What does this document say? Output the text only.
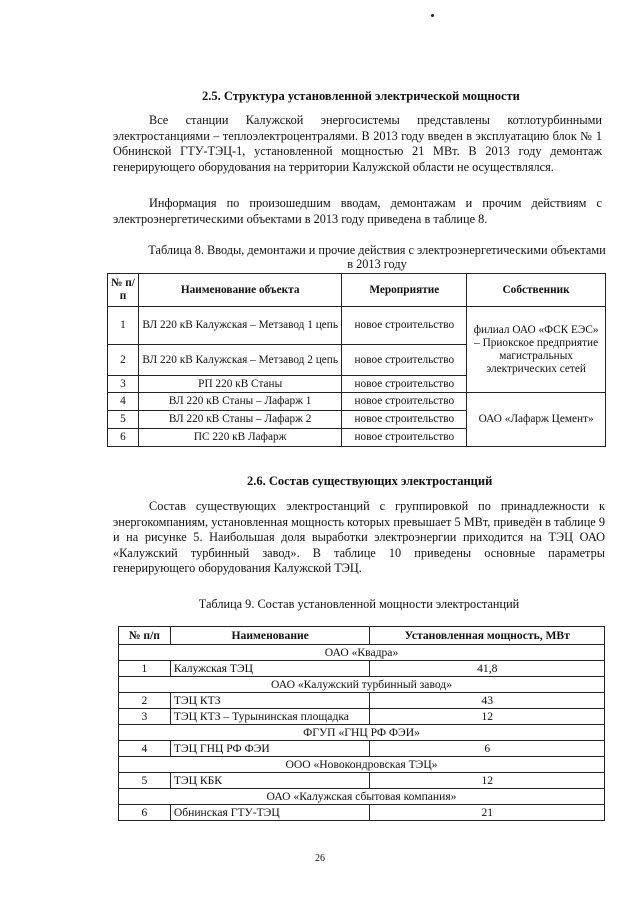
2.5. Структура установленной электрической мощности
Все станции Калужской энергосистемы представлены котлотурбинными электростанциями – теплоэлектроцентралями. В 2013 году введен в эксплуатацию блок № 1 Обнинской ГТУ-ТЭЦ-1, установленной мощностью 21 МВт. В 2013 году демонтаж генерирующего оборудования на территории Калужской области не осуществлялся.
Информация по произошедшим вводам, демонтажам и прочим действиям с электроэнергетическими объектами в 2013 году приведена в таблице 8.
Таблица 8. Вводы, демонтажи и прочие действия с электроэнергетическими объектами в 2013 году
№ п/п	Наименование объекта	Мероприятие	Собственник
1	ВЛ 220 кВ Калужская – Метзавод 1 цепь	новое строительство	филиал ОАО «ФСК ЕЭС» – Приокское предприятие магистральных электрических сетей
2	ВЛ 220 кВ Калужская – Метзавод 2 цепь	новое строительство	
3	РП 220 кВ Станы	новое строительство	
4	ВЛ 220 кВ Станы – Лафарж 1	новое строительство	ОАО «Лафарж Цемент»
5	ВЛ 220 кВ Станы – Лафарж 2	новое строительство	
6	ПС 220 кВ Лафарж	новое строительство	
2.6. Состав существующих электростанций
Состав существующих электростанций с группировкой по принадлежности к энергокомпаниям, установленная мощность которых превышает 5 МВт, приведён в таблице 9 и на рисунке 5. Наибольшая доля выработки электроэнергии приходится на ТЭЦ ОАО «Калужский турбинный завод». В таблице 10 приведены основные параметры генерирующего оборудования Калужской ТЭЦ.
Таблица 9. Состав установленной мощности электростанций
№ п/п	Наименование	Установленная мощность, МВт
ОАО «Квадра»		
1	Калужская ТЭЦ	41,8
ОАО «Калужский турбинный завод»		
2	ТЭЦ КТЗ	43
3	ТЭЦ КТЗ – Турынинская площадка	12
ФГУП «ГНЦ РФ ФЭИ»		
4	ТЭЦ ГНЦ РФ ФЭИ	6
ООО «Новокондровская ТЭЦ»		
5	ТЭЦ КБК	12
ОАО «Калужская сбытовая компания»		
6	Обнинская ГТУ-ТЭЦ	21
26
